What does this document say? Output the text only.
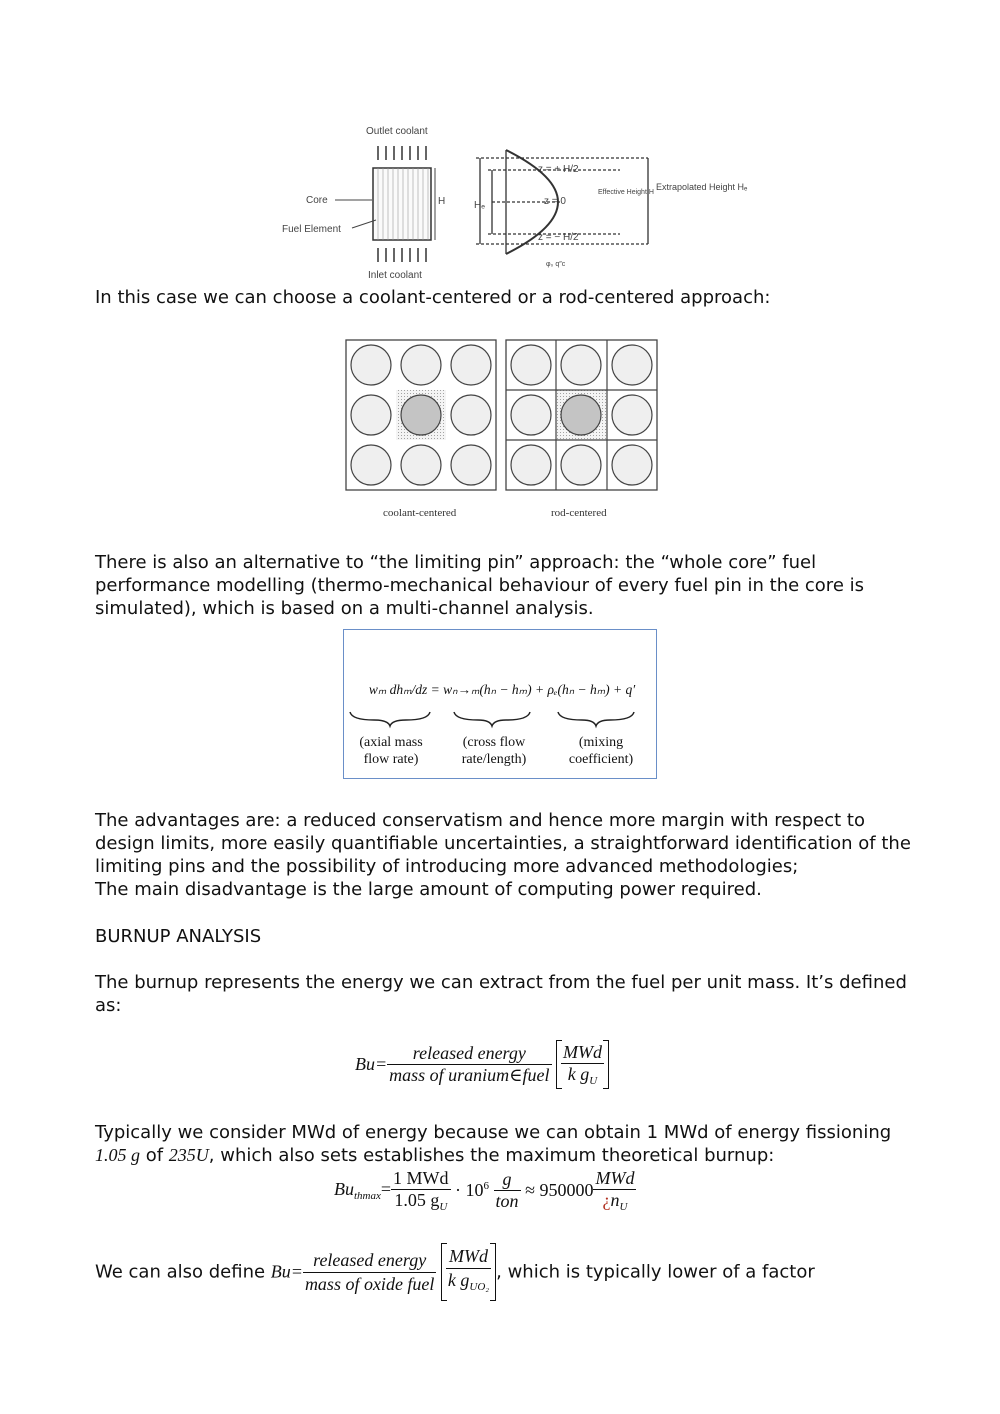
Outlet coolant
Inlet coolant
Core
Fuel Element
H	Hₑ
z = + H/2
z = 0
z = − H/2
Effective Height H
Extrapolated Height Hₑ
φ₀ q″c

In this case we can choose a coolant-centered or a rod-centered approach:

coolant-centered	rod-centered

There is also an alternative to “the limiting pin” approach: the “whole core” fuel performance modelling (thermo-mechanical behaviour of every fuel pin in the core is simulated), which is based on a multi-channel analysis.

wₘ dhₘ/dz = wₙ→ₘ(hₙ − hₘ) + ρₑ(hₙ − hₘ) + q′
(axial mass flow rate)
(cross flow rate/length)
(mixing coefficient)

The advantages are: a reduced conservatism and hence more margin with respect to design limits, more easily quantifiable uncertainties, a straightforward identification of the limiting pins and the possibility of introducing more advanced methodologies;

The main disadvantage is the large amount of computing power required.

BURNUP ANALYSIS

The burnup represents the energy we can extract from the fuel per unit mass. It’s defined as:

$Bu= \frac{\text{released energy}}{\text{mass of uranium∈fuel}}$
$\frac{\text{MWd}}{k g_U}$

Typically we consider MWd of energy because we can obtain 1 MWd of energy fissioning 1.05 g of 235U, which also sets establishes the maximum theoretical burnup:

$Bu_{thmax}= \frac{\text{1 MWd}}{1.05 g_U} \cdot 10^6 \frac{g}{\text{ton}} \approx 950000 \frac{\text{MWd}}{¿n_U}$
We can also define $Bu= \frac{\text{released energy}}{\text{mass of oxide fuel}}$
$\frac{\text{MWd}}{k g_{UO_2}}$ , which is typically lower of a factor
